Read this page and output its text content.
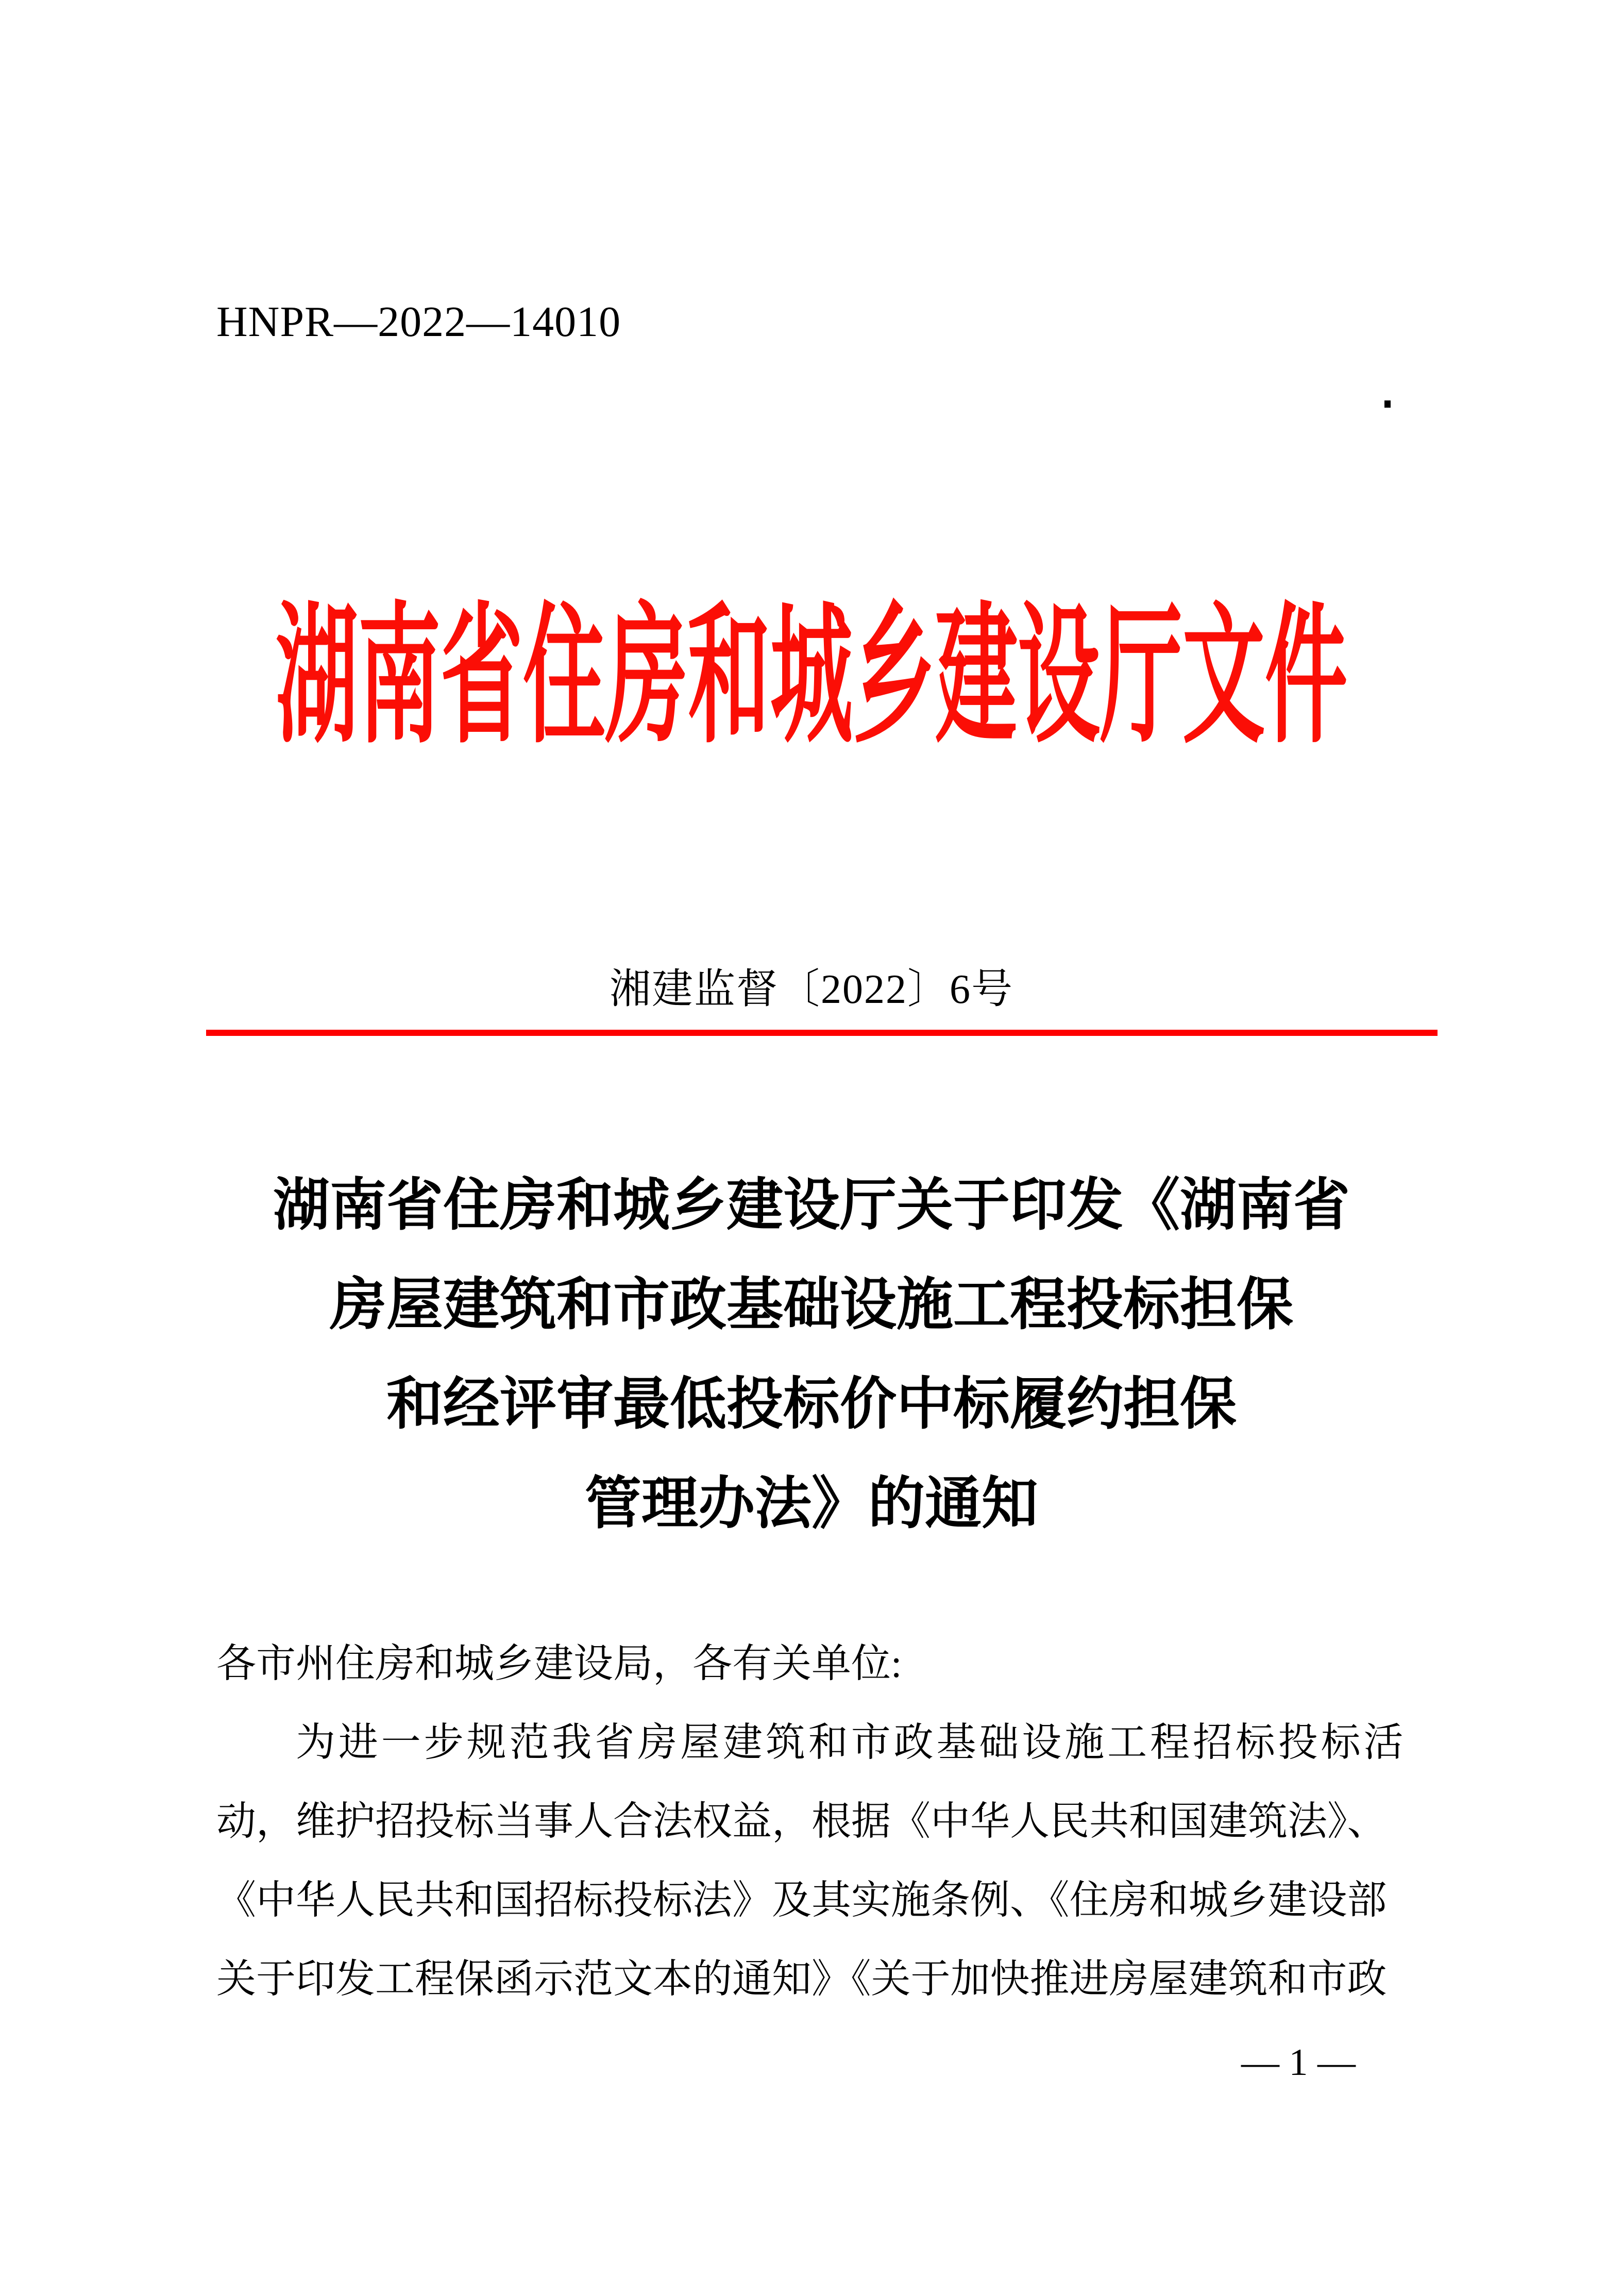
HNPR—2022—14010
湖南省住房和城乡建设厅文件
湘建监督〔2022〕6号
湖南省住房和城乡建设厅关于印发《湖南省
房屋建筑和市政基础设施工程投标担保
和经评审最低投标价中标履约担保
管理办法》的通知
各市州住房和城乡建设局，各有关单位:
为进一步规范我省房屋建筑和市政基础设施工程招标投标活
动，维护招投标当事人合法权益，根据《中华人民共和国建筑法》、
《中华人民共和国招标投标法》及其实施条例、《住房和城乡建设部
关于印发工程保函示范文本的通知》《关于加快推进房屋建筑和市政
— 1 —
